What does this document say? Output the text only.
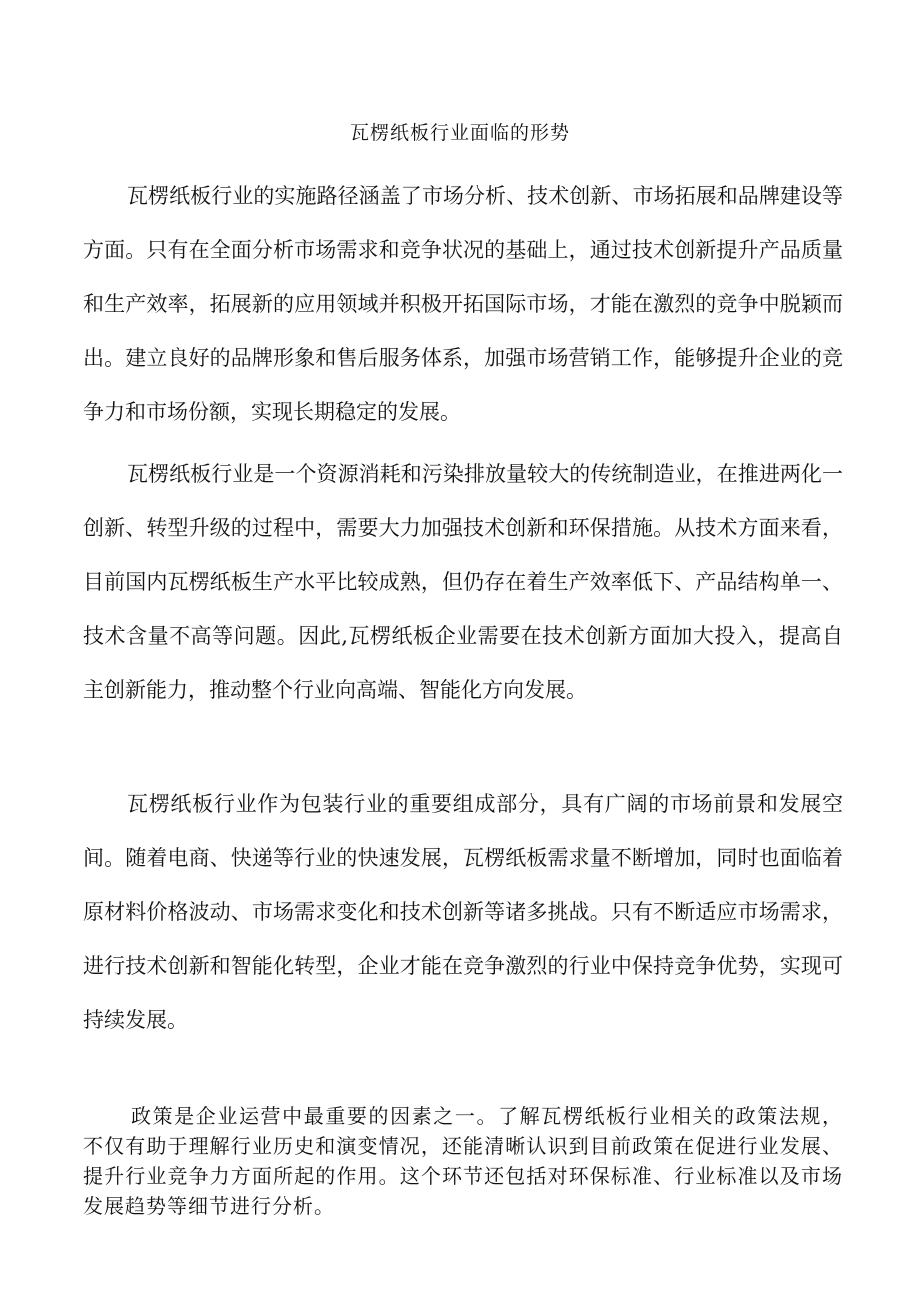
瓦楞纸板行业面临的形势

瓦楞纸板行业的实施路径涵盖了市场分析、技术创新、市场拓展和品牌建设等方面。只有在全面分析市场需求和竞争状况的基础上，通过技术创新提升产品质量和生产效率，拓展新的应用领域并积极开拓国际市场，才能在激烈的竞争中脱颖而出。建立良好的品牌形象和售后服务体系，加强市场营销工作，能够提升企业的竞争力和市场份额，实现长期稳定的发展。

瓦楞纸板行业是一个资源消耗和污染排放量较大的传统制造业，在推进两化一创新、转型升级的过程中，需要大力加强技术创新和环保措施。从技术方面来看，目前国内瓦楞纸板生产水平比较成熟，但仍存在着生产效率低下、产品结构单一、技术含量不高等问题。因此,瓦楞纸板企业需要在技术创新方面加大投入，提高自主创新能力，推动整个行业向高端、智能化方向发展。

瓦楞纸板行业作为包装行业的重要组成部分，具有广阔的市场前景和发展空间。随着电商、快递等行业的快速发展，瓦楞纸板需求量不断增加，同时也面临着原材料价格波动、市场需求变化和技术创新等诸多挑战。只有不断适应市场需求，进行技术创新和智能化转型，企业才能在竞争激烈的行业中保持竞争优势，实现可持续发展。

政策是企业运营中最重要的因素之一。了解瓦楞纸板行业相关的政策法规，不仅有助于理解行业历史和演变情况，还能清晰认识到目前政策在促进行业发展、提升行业竞争力方面所起的作用。这个环节还包括对环保标准、行业标准以及市场发展趋势等细节进行分析。
